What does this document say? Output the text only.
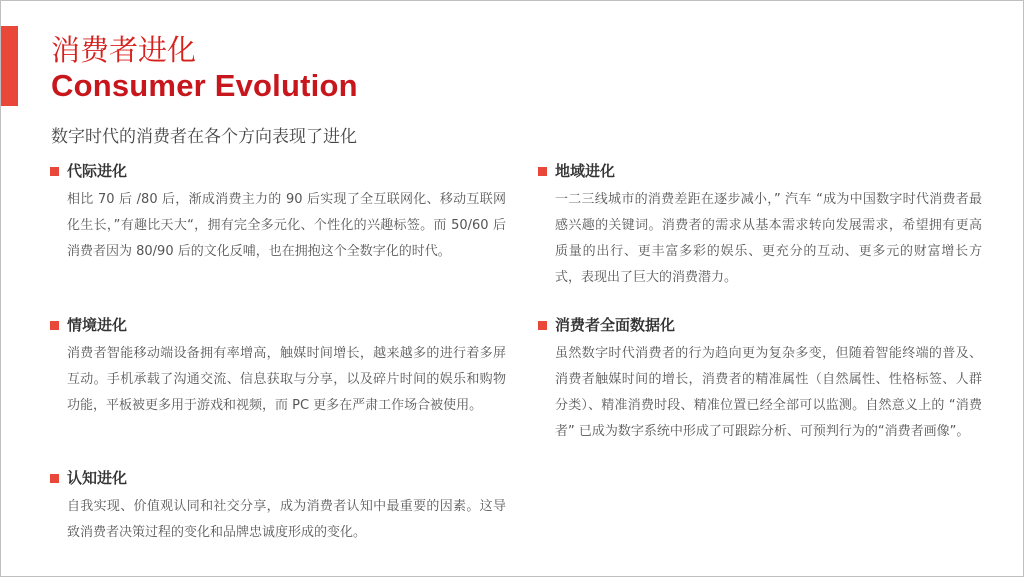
消费者进化
Consumer Evolution
数字时代的消费者在各个方向表现了进化
代际进化
相比 70 后 /80 后，渐成消费主力的 90 后实现了全互联网化、移动互联网化生长，”有趣比天大“，拥有完全多元化、个性化的兴趣标签。而 50/60 后消费者因为 80/90 后的文化反哺，也在拥抱这个全数字化的时代。
情境进化
消费者智能移动端设备拥有率增高，触媒时间增长，越来越多的进行着多屏互动。手机承载了沟通交流、信息获取与分享，以及碎片时间的娱乐和购物功能，平板被更多用于游戏和视频，而 PC 更多在严肃工作场合被使用。
认知进化
自我实现、价值观认同和社交分享，成为消费者认知中最重要的因素。这导致消费者决策过程的变化和品牌忠诚度形成的变化。
地域进化
一二三线城市的消费差距在逐步减小，” 汽车 “成为中国数字时代消费者最感兴趣的关键词。消费者的需求从基本需求转向发展需求，希望拥有更高质量的出行、更丰富多彩的娱乐、更充分的互动、更多元的财富增长方式，表现出了巨大的消费潜力。
消费者全面数据化
虽然数字时代消费者的行为趋向更为复杂多变，但随着智能终端的普及、消费者触媒时间的增长，消费者的精准属性（自然属性、性格标签、人群分类）、精准消费时段、精准位置已经全部可以监测。自然意义上的 “消费者” 已成为数字系统中形成了可跟踪分析、可预判行为的“消费者画像”。
